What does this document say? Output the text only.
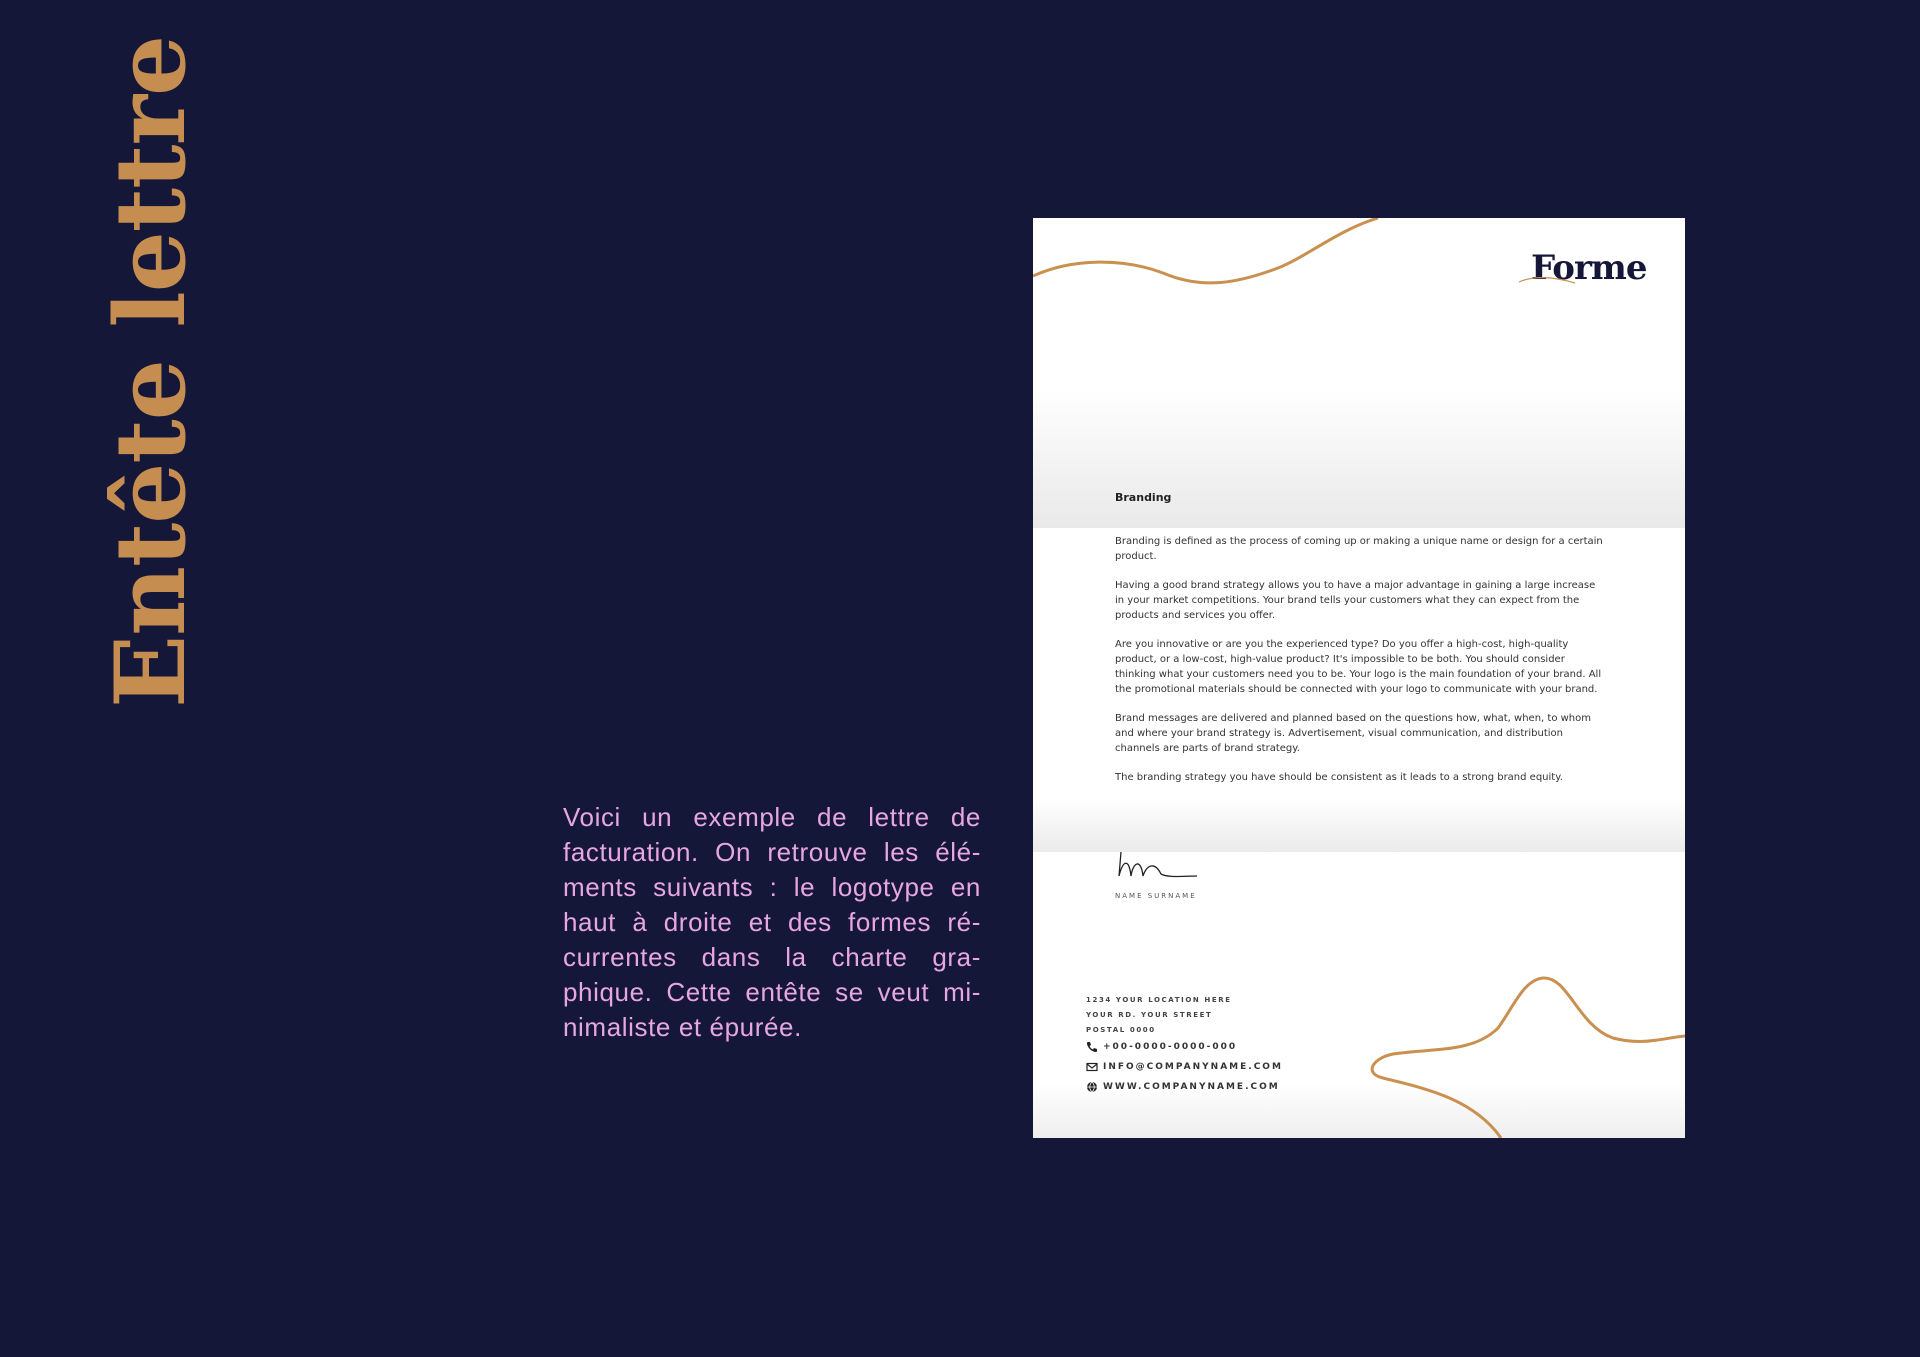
Entête lettre

Voici un exemple de lettre de facturation. On retrouve les élé-ments suivants : le logotype en haut à droite et des formes ré-currentes dans la charte gra-phique. Cette entête se veut mi-nimaliste et épurée.

Forme
Branding

Branding is defined as the process of coming up or making a unique name or design for a certain product.

Having a good brand strategy allows you to have a major advantage in gaining a large increase in your market competitions. Your brand tells your customers what they can expect from the products and services you offer.

Are you innovative or are you the experienced type? Do you offer a high-cost, high-quality product, or a low-cost, high-value product? It's impossible to be both. You should consider thinking what your customers need you to be. Your logo is the main foundation of your brand. All the promotional materials should be connected with your logo to communicate with your brand.

Brand messages are delivered and planned based on the questions how, what, when, to whom and where your brand strategy is. Advertisement, visual communication, and distribution channels are parts of brand strategy.

The branding strategy you have should be consistent as it leads to a strong brand equity.

NAME SURNAME
1234 YOUR LOCATION HERE
YOUR RD. YOUR STREET
POSTAL 0000
+00-0000-0000-000
INFO@COMPANYNAME.COM
WWW.COMPANYNAME.COM
